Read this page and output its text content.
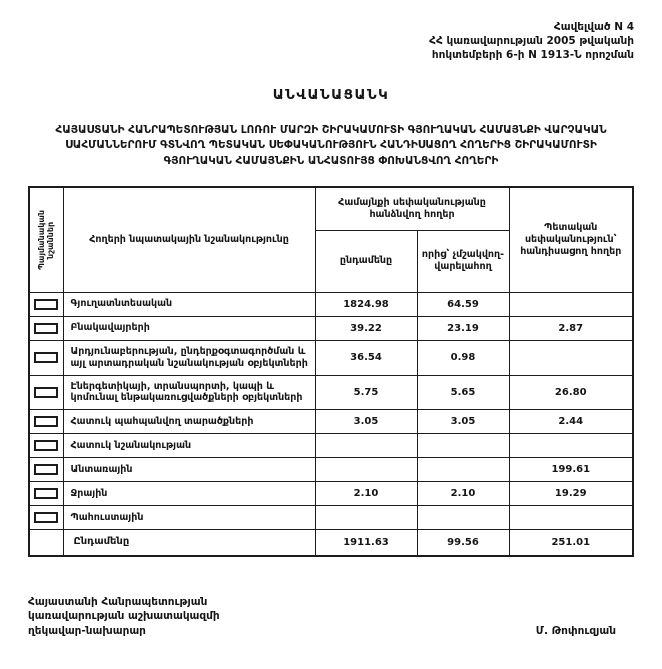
Հավելված N 4
ՀՀ կառավարության 2005 թվականի
հոկտեմբերի 6-ի N 1913-Ն որոշման
ԱՆՎԱՆԱՑԱՆԿ
ՀԱՅԱՍՏԱՆԻ ՀԱՆՐԱՊԵՏՈՒԹՅԱՆ ԼՈՌՈՒ ՄԱՐԶԻ ՇԻՐԱԿԱՄՈՒՏԻ ԳՅՈՒՂԱԿԱՆ ՀԱՄԱՅՆՔԻ ՎԱՐՉԱԿԱՆ ՍԱՀՄԱՆՆԵՐՈՒՄ ԳՏՆՎՈՂ ՊԵՏԱԿԱՆ ՍԵՓԱԿԱՆՈՒԹՅՈՒՆ ՀԱՆԴԻՍԱՑՈՂ ՀՈՂԵՐԻՑ ՇԻՐԱԿԱՄՈՒՏԻ ԳՅՈՒՂԱԿԱՆ ՀԱՄԱՅՆՔԻՆ ԱՆՀԱՏՈՒՅՑ ՓՈԽԱՆՑՎՈՂ ՀՈՂԵՐԻ
Պայմանական նշաններ	Հողերի նպատակային նշանակությունը	Համայնքի սեփականությանը հանձնվող հողեր		Պետական սեփականություն՝ հանդիսացող հողեր
		ընդամենը	որից՝ չմշակվող-վարելահող	

	Գյուղատնտեսական	1824.98	64.59	

	Բնակավայրերի	39.22	23.19	2.87

	Արդյունաբերության, ընդերքօգտագործման և այլ արտադրական նշանակության օբյեկտների	36.54	0.98	

	Էներգետիկայի, տրանսպորտի, կապի և կոմունալ ենթակառուցվածքների օբյեկտների	5.75	5.65	26.80

	Հատուկ պահպանվող տարածքների	3.05	3.05	2.44

	Հատուկ նշանակության			

	Անտառային			199.61

	Ջրային	2.10	2.10	19.29

	Պահուստային			
	Ընդամենը	1911.63	99.56	251.01
Հայաստանի Հանրապետության
կառավարության աշխատակազմի
ղեկավար-նախարար	Մ. Թոփուզյան
